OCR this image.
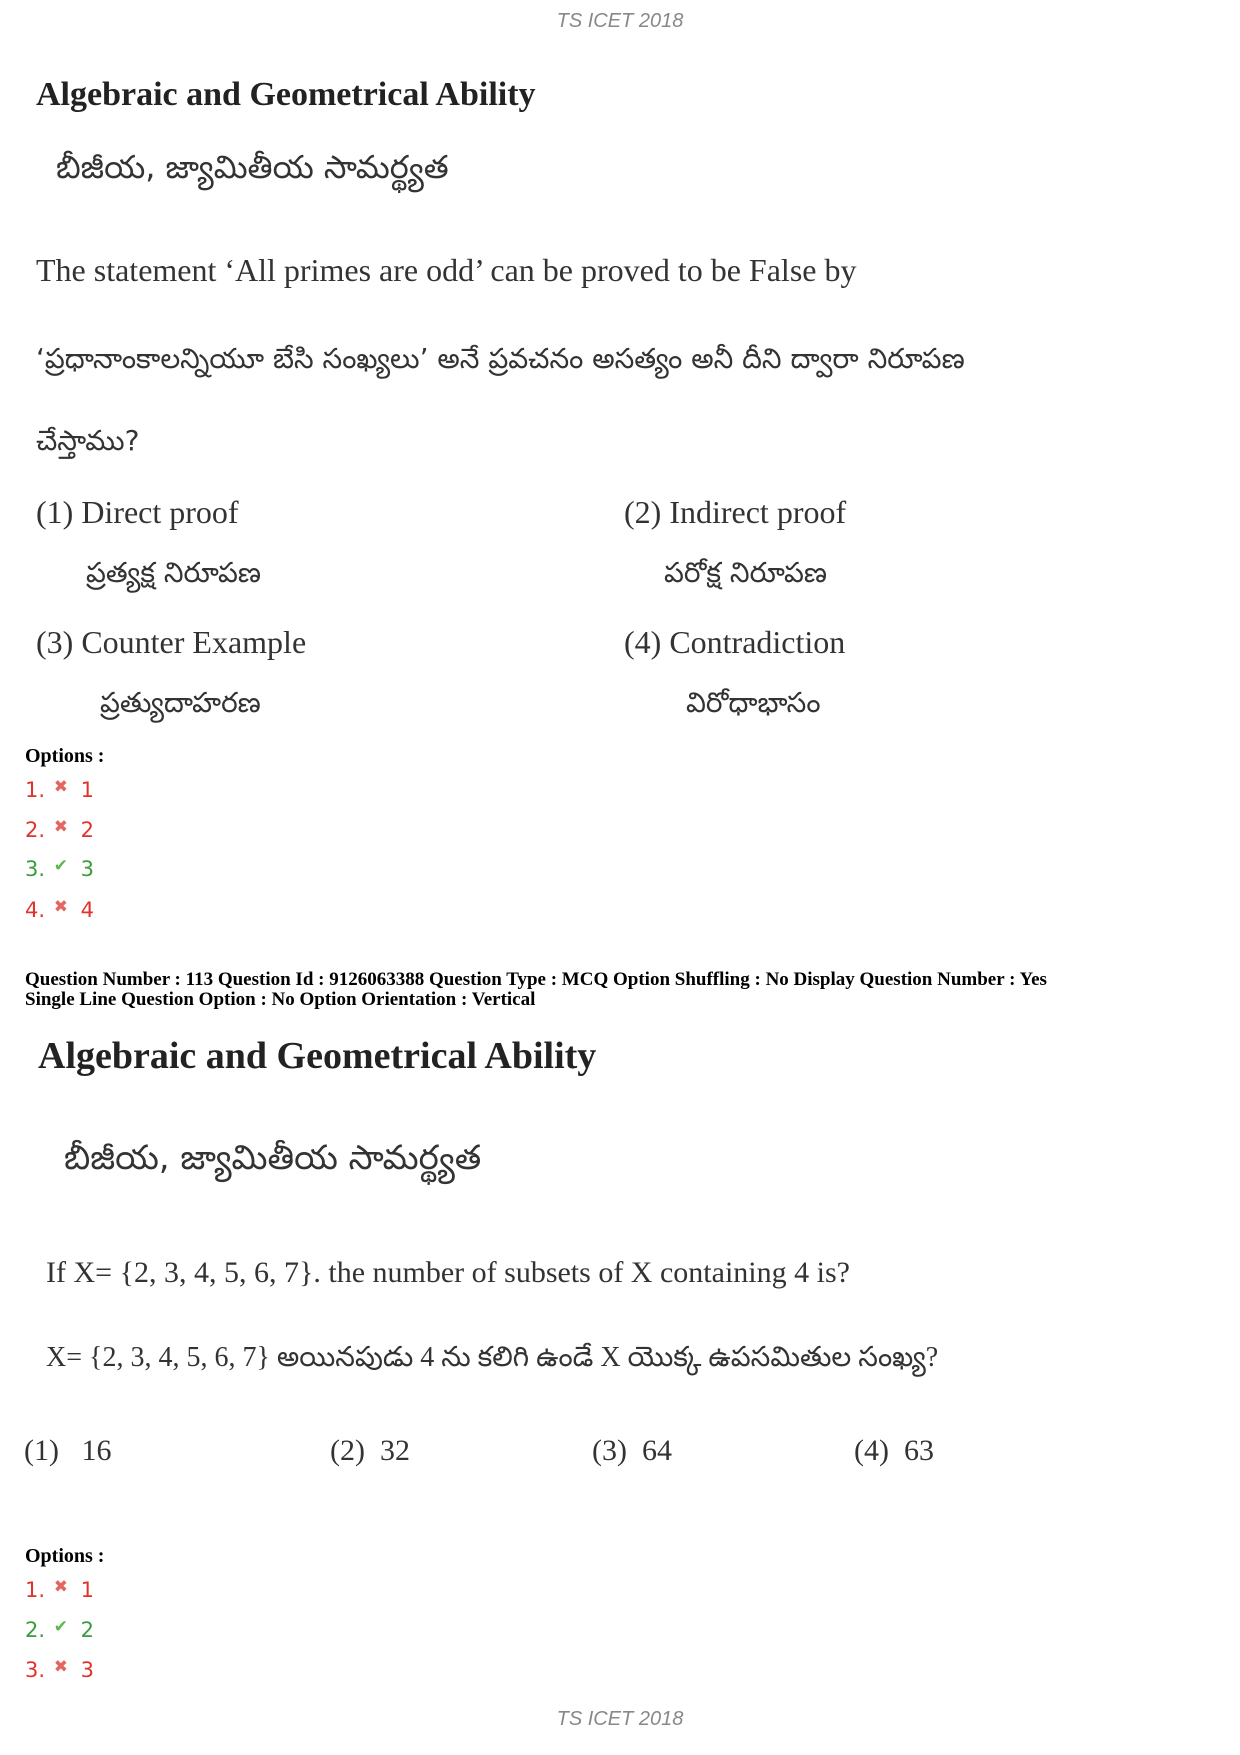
TS ICET 2018
Algebraic and Geometrical Ability
బీజీయ, జ్యామితీయ సామర్థ్యత
The statement ‘All primes are odd’ can be proved to be False by
‘ప్రధానాంకాలన్నియూ బేసి సంఖ్యలు’ అనే ప్రవచనం అసత్యం అనీ దీని ద్వారా నిరూపణ
చేస్తాము?
(1) Direct proof
ప్రత్యక్ష నిరూపణ
(2) Indirect proof
పరోక్ష నిరూపణ
(3) Counter Example
ప్రత్యుదాహరణ
(4) Contradiction
విరోధాభాసం
Options :
1. ✖ 1
2. ✖ 2
3. ✔ 3
4. ✖ 4
Question Number : 113 Question Id : 9126063388 Question Type : MCQ Option Shuffling : No Display Question Number : Yes
Single Line Question Option : No Option Orientation : Vertical
Algebraic and Geometrical Ability
బీజీయ, జ్యామితీయ సామర్థ్యత
If X= {2, 3, 4, 5, 6, 7}. the number of subsets of X containing 4 is?
X= {2, 3, 4, 5, 6, 7} అయినపుడు 4 ను కలిగి ఉండే X యొక్క ఉపసమితుల సంఖ్య?
(1)   16	(2)  32	(3)  64	(4)  63
Options :
1. ✖ 1
2. ✔ 2
3. ✖ 3
TS ICET 2018
